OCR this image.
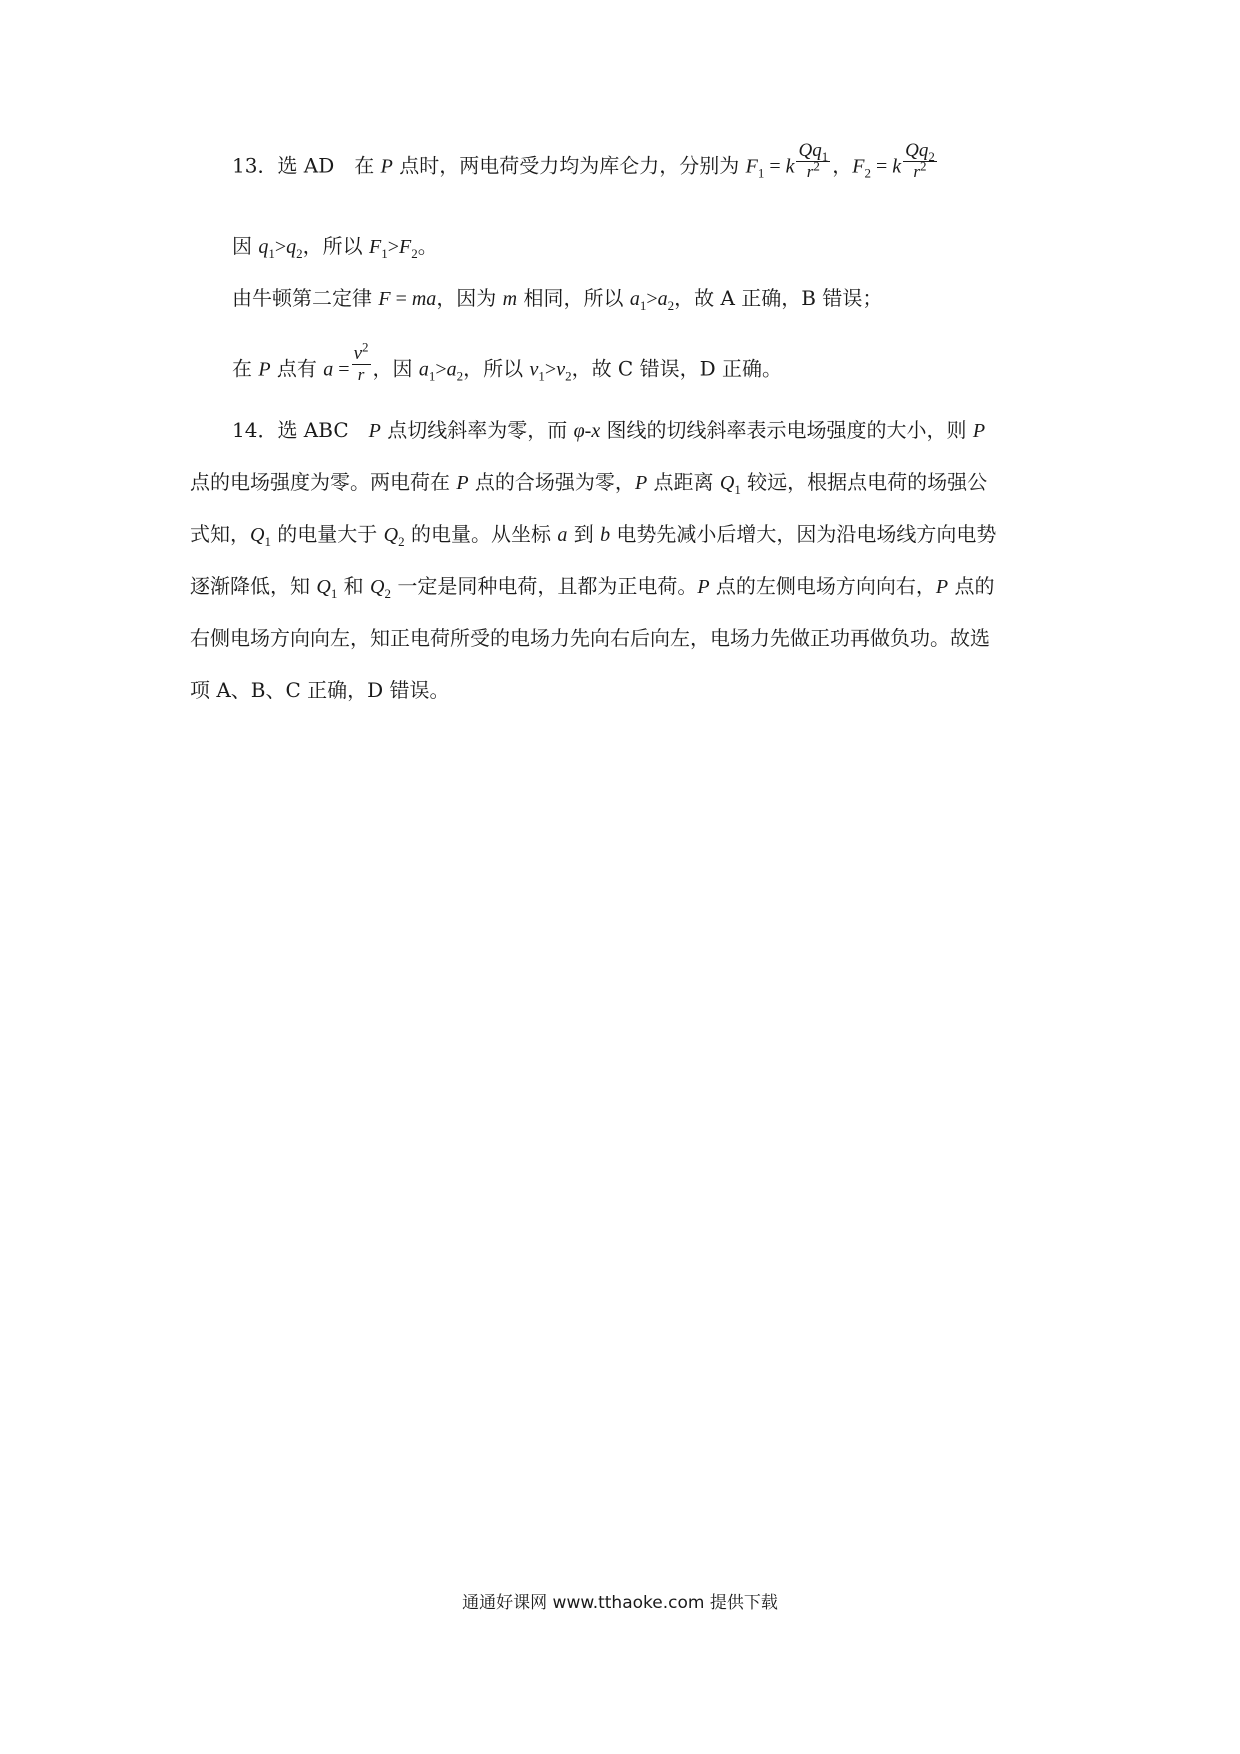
13．选 AD　在 P 点时，两电荷受力均为库仑力，分别为 $F_1 = k \frac{Qq_1}{r^2}$ ，$F_2 = k \frac{Qq_2}{r^2}$
因 $q_1>q_2$，所以 $F_1>F_2$。
由牛顿第二定律 F = ma，因为 m 相同，所以 $a_1>a_2$，故 A 正确，B 错误；
在 P 点有 $a = \frac{v^2}{r}$ ，因 $a_1>a_2$，所以 $v_1>v_2$，故 C 错误，D 正确。
14．选 ABC　P 点切线斜率为零，而 φ-x 图线的切线斜率表示电场强度的大小，则 P
点的电场强度为零。两电荷在 P 点的合场强为零，P 点距离 $Q_1$ 较远，根据点电荷的场强公
式知，$Q_1$ 的电量大于 $Q_2$ 的电量。从坐标 a 到 b 电势先减小后增大，因为沿电场线方向电势
逐渐降低，知 $Q_1$ 和 $Q_2$ 一定是同种电荷，且都为正电荷。P 点的左侧电场方向向右，P 点的
右侧电场方向向左，知正电荷所受的电场力先向右后向左，电场力先做正功再做负功。故选
项 A、B、C 正确，D 错误。
通通好课网 www.tthaoke.com 提供下载
